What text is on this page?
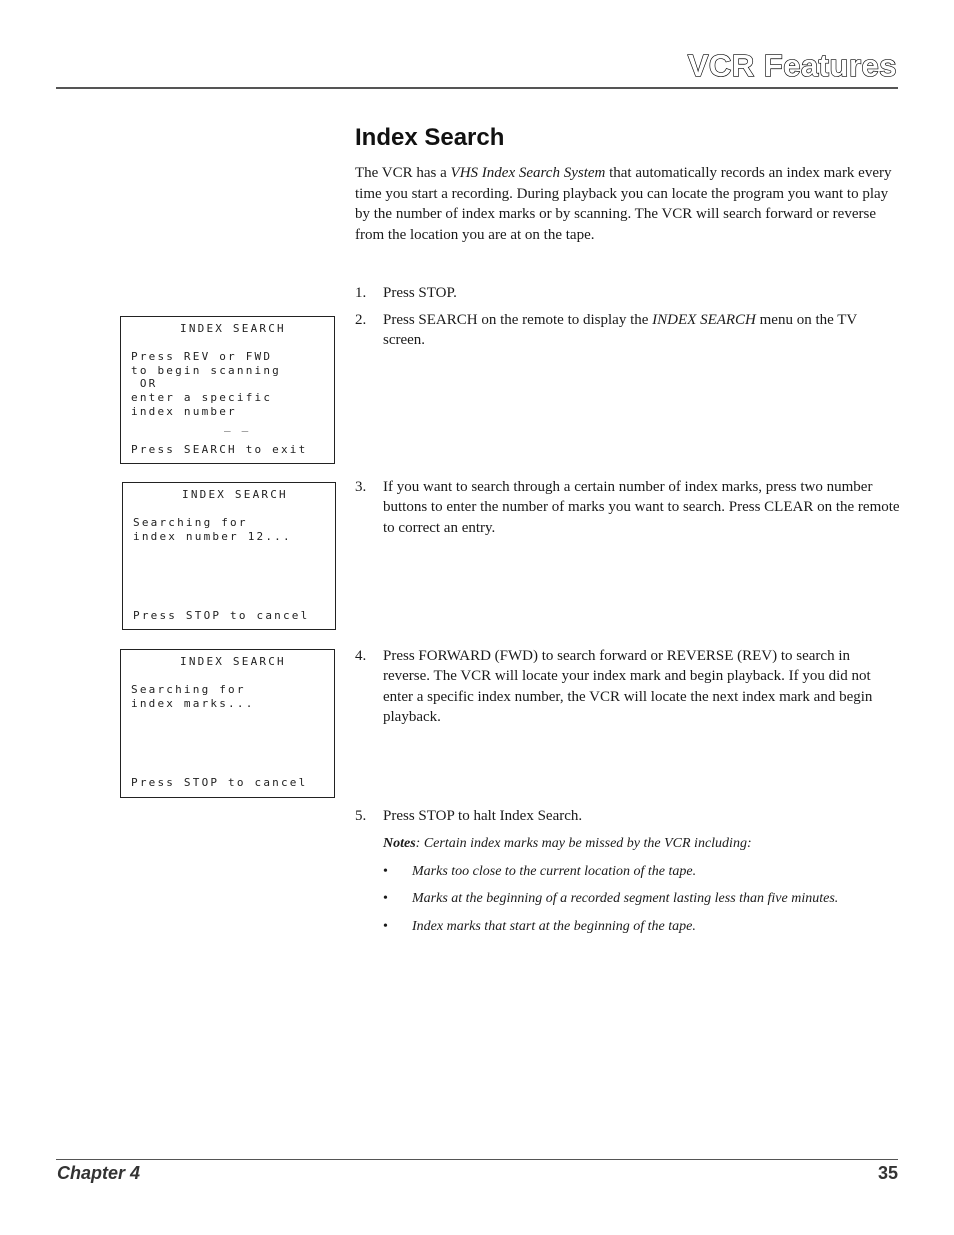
VCR Features
Index Search

The VCR has a VHS Index Search System that automatically records an index mark every time you start a recording. During playback you can locate the program you want to play by the number of index marks or by scanning. The VCR will search forward or reverse from the location you are at on the tape.

1. Press STOP.
2. Press SEARCH on the remote to display the INDEX SEARCH menu on the TV screen.
3. If you want to search through a certain number of index marks, press two number buttons to enter the number of marks you want to search. Press CLEAR on the remote to correct an entry.
4. Press FORWARD (FWD) to search forward or REVERSE (REV) to search in reverse. The VCR will locate your index mark and begin playback. If you did not enter a specific index number, the VCR will locate the next index mark and begin playback.
5. Press STOP to halt Index Search.
Notes: Certain index marks may be missed by the VCR including:
• Marks too close to the current location of the tape.
• Marks at the beginning of a recorded segment lasting less than five minutes.
• Index marks that start at the beginning of the tape.
INDEX SEARCH
Press REV or FWD
to begin scanning
OR
enter a specific
index number
_ _
Press SEARCH to exit
INDEX SEARCH
Searching for
index number 12...
Press STOP to cancel
INDEX SEARCH
Searching for
index marks...
Press STOP to cancel
Chapter 4	35
